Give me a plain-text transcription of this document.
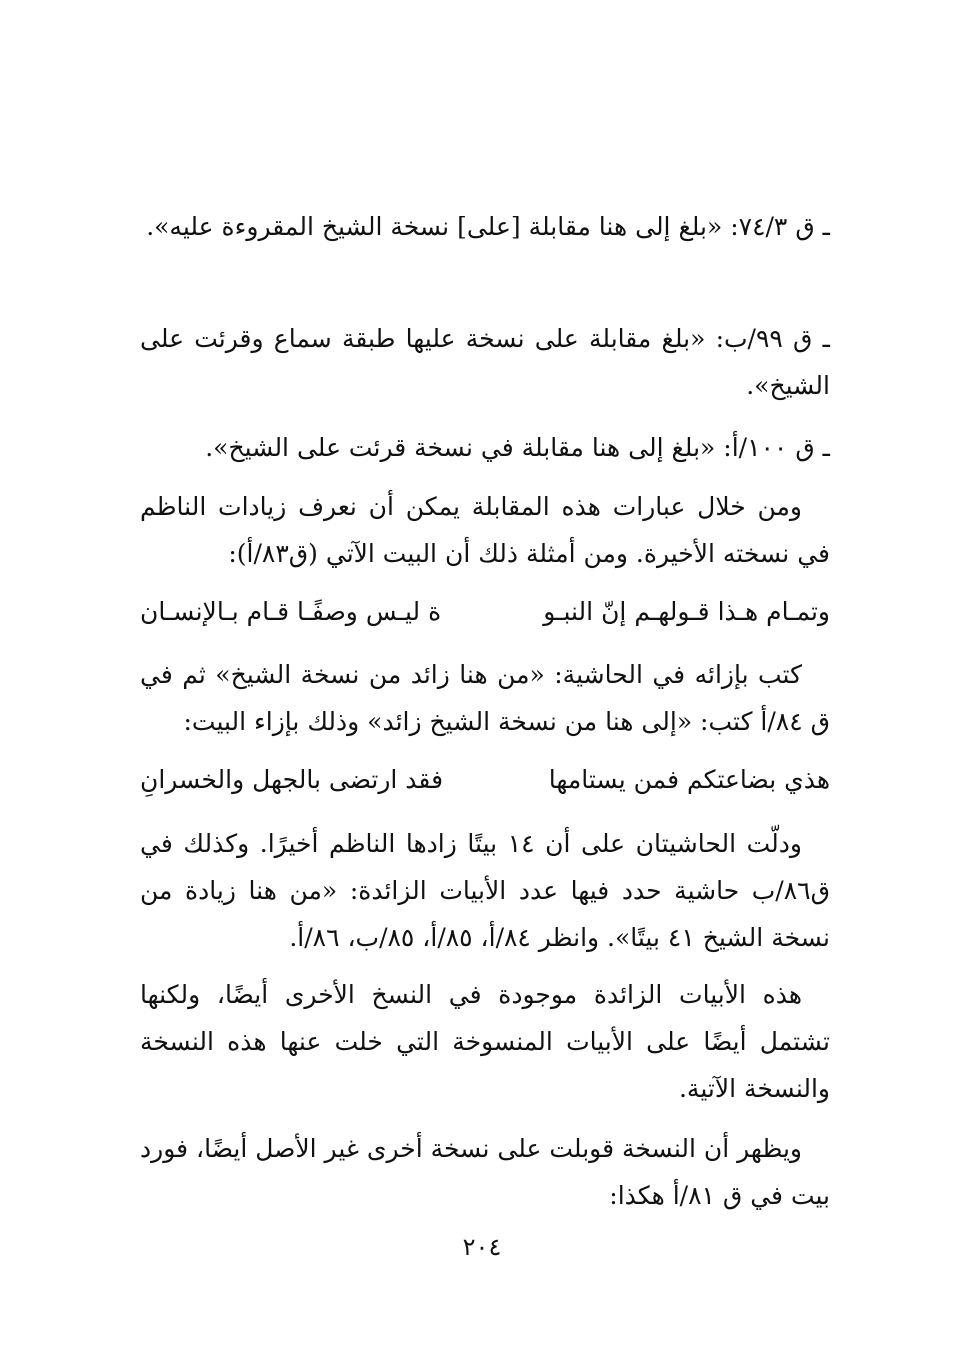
ـ ق ٧٤/٣: «بلغ إلى هنا مقابلة [على] نسخة الشيخ المقروءة عليه».

ـ ق ٩٩/ب: «بلغ مقابلة على نسخة عليها طبقة سماع وقرئت على الشيخ».

ـ ق ١٠٠/أ: «بلغ إلى هنا مقابلة في نسخة قرئت على الشيخ».

ومن خلال عبارات هذه المقابلة يمكن أن نعرف زيادات الناظم في نسخته الأخيرة. ومن أمثلة ذلك أن البيت الآتي (ق٨٣/أ):

وتمـام هـذا قـولهـم إنّ النبـو
ة ليـس وصفًـا قـام بـالإنسـان

كتب بإزائه في الحاشية: «من هنا زائد من نسخة الشيخ» ثم في ق ٨٤/أ كتب: «إلى هنا من نسخة الشيخ زائد» وذلك بإزاء البيت:

هذي بضاعتكم فمن يستامها
فقد ارتضى بالجهل والخسرانِ

ودلّت الحاشيتان على أن ١٤ بيتًا زادها الناظم أخيرًا. وكذلك في ق٨٦/ب حاشية حدد فيها عدد الأبيات الزائدة: «من هنا زيادة من نسخة الشيخ ٤١ بيتًا». وانظر ٨٤/أ، ٨٥/أ، ٨٥/ب، ٨٦/أ.

هذه الأبيات الزائدة موجودة في النسخ الأخرى أيضًا، ولكنها تشتمل أيضًا على الأبيات المنسوخة التي خلت عنها هذه النسخة والنسخة الآتية.

ويظهر أن النسخة قوبلت على نسخة أخرى غير الأصل أيضًا، فورد بيت في ق ٨١/أ هكذا:

٢٠٤
